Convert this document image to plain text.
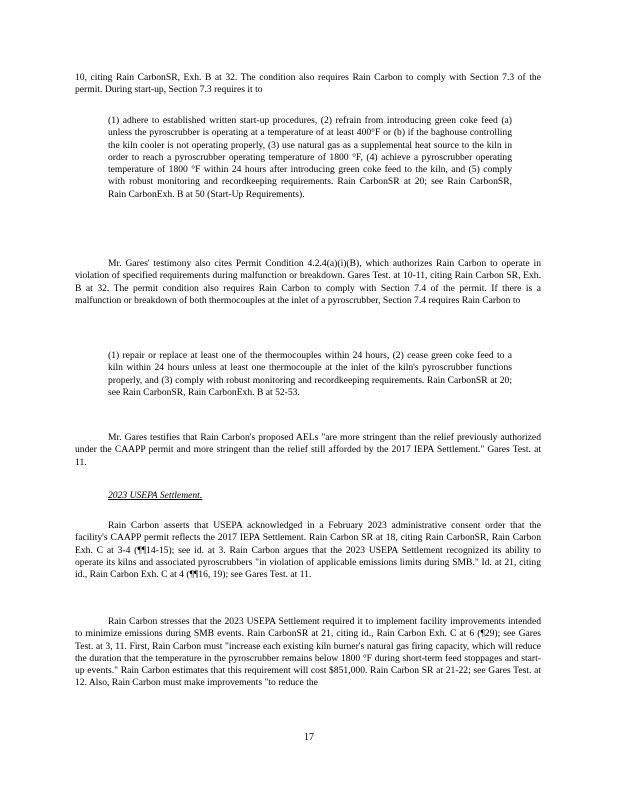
10, citing Rain CarbonSR, Exh. B at 32. The condition also requires Rain Carbon to comply with Section 7.3 of the permit. During start-up, Section 7.3 requires it to
(1) adhere to established written start-up procedures, (2) refrain from introducing green coke feed (a) unless the pyroscrubber is operating at a temperature of at least 400°F or (b) if the baghouse controlling the kiln cooler is not operating properly, (3) use natural gas as a supplemental heat source to the kiln in order to reach a pyroscrubber operating temperature of 1800 °F, (4) achieve a pyroscrubber operating temperature of 1800 °F within 24 hours after introducing green coke feed to the kiln, and (5) comply with robust monitoring and recordkeeping requirements. Rain CarbonSR at 20; see Rain CarbonSR, Rain CarbonExh. B at 50 (Start-Up Requirements).
Mr. Gares' testimony also cites Permit Condition 4.2.4(a)(i)(B), which authorizes Rain Carbon to operate in violation of specified requirements during malfunction or breakdown. Gares Test. at 10-11, citing Rain Carbon SR, Exh. B at 32. The permit condition also requires Rain Carbon to comply with Section 7.4 of the permit. If there is a malfunction or breakdown of both thermocouples at the inlet of a pyroscrubber, Section 7.4 requires Rain Carbon to
(1) repair or replace at least one of the thermocouples within 24 hours, (2) cease green coke feed to a kiln within 24 hours unless at least one thermocouple at the inlet of the kiln's pyroscrubber functions properly, and (3) comply with robust monitoring and recordkeeping requirements. Rain CarbonSR at 20; see Rain CarbonSR, Rain CarbonExh. B at 52-53.
Mr. Gares testifies that Rain Carbon's proposed AELs "are more stringent than the relief previously authorized under the CAAPP permit and more stringent than the relief still afforded by the 2017 IEPA Settlement." Gares Test. at 11.
2023 USEPA Settlement.
Rain Carbon asserts that USEPA acknowledged in a February 2023 administrative consent order that the facility's CAAPP permit reflects the 2017 IEPA Settlement. Rain Carbon SR at 18, citing Rain CarbonSR, Rain Carbon Exh. C at 3-4 (¶¶14-15); see id. at 3. Rain Carbon argues that the 2023 USEPA Settlement recognized its ability to operate its kilns and associated pyroscrubbers "in violation of applicable emissions limits during SMB." Id. at 21, citing id., Rain Carbon Exh. C at 4 (¶¶16, 19); see Gares Test. at 11.
Rain Carbon stresses that the 2023 USEPA Settlement required it to implement facility improvements intended to minimize emissions during SMB events. Rain CarbonSR at 21, citing id., Rain Carbon Exh. C at 6 (¶29); see Gares Test. at 3, 11. First, Rain Carbon must "increase each existing kiln burner's natural gas firing capacity, which will reduce the duration that the temperature in the pyroscrubber remains below 1800 °F during short-term feed stoppages and start-up events." Rain Carbon estimates that this requirement will cost $851,000. Rain Carbon SR at 21-22; see Gares Test. at 12. Also, Rain Carbon must make improvements "to reduce the
17
